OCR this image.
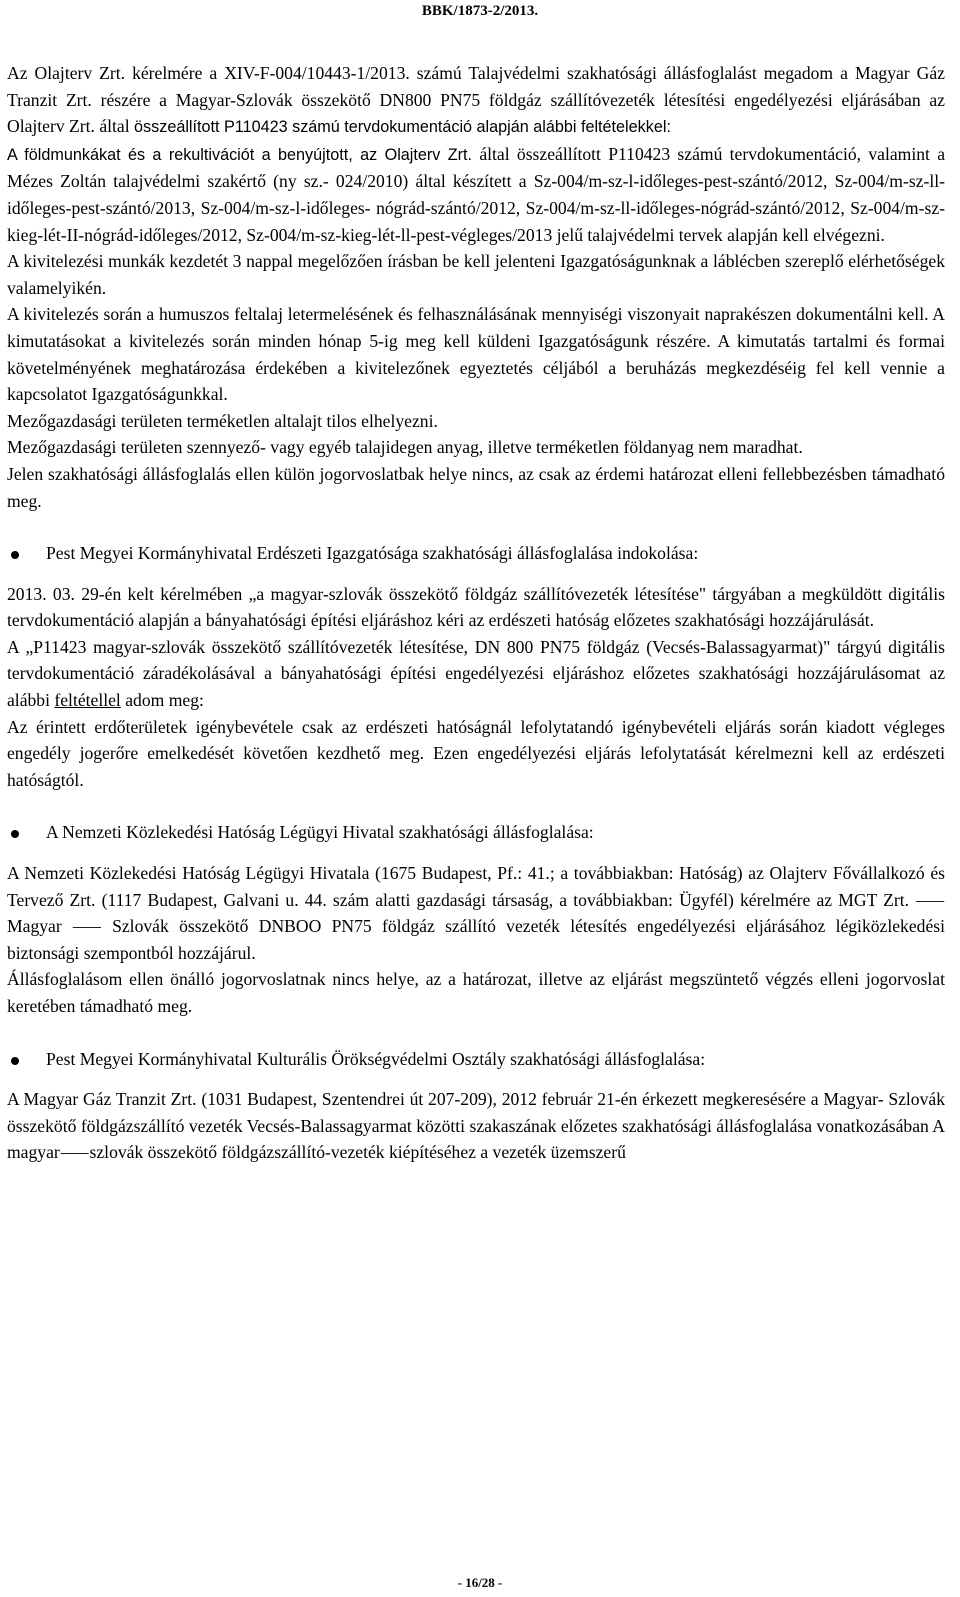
BBK/1873-2/2013.

Az Olajterv Zrt. kérelmére a XIV-F-004/10443-1/2013. számú Talajvédelmi szakhatósági állásfoglalást megadom a Magyar Gáz Tranzit Zrt. részére a Magyar-Szlovák összekötő DN800 PN75 földgáz szállítóvezeték létesítési engedélyezési eljárásában az Olajterv Zrt. által összeállított P110423 számú tervdokumentáció alapján alábbi feltételekkel:

A földmunkákat és a rekultivációt a benyújtott, az Olajterv Zrt. által összeállított P110423 számú tervdokumentáció, valamint a Mézes Zoltán talajvédelmi szakértő (ny sz.- 024/2010) által készített a Sz-004/m-sz-l-időleges-pest-szántó/2012, Sz-004/m-sz-ll-időleges-pest-szántó/2013, Sz-004/m-sz-l-időleges- nógrád-szántó/2012, Sz-004/m-sz-ll-időleges-nógrád-szántó/2012, Sz-004/m-sz-kieg-lét-II-nógrád-időleges/2012, Sz-004/m-sz-kieg-lét-ll-pest-végleges/2013 jelű talajvédelmi tervek alapján kell elvégezni.

A kivitelezési munkák kezdetét 3 nappal megelőzően írásban be kell jelenteni Igazgatóságunknak a láblécben szereplő elérhetőségek valamelyikén.

A kivitelezés során a humuszos feltalaj letermelésének és felhasználásának mennyiségi viszonyait naprakészen dokumentálni kell. A kimutatásokat a kivitelezés során minden hónap 5-ig meg kell küldeni Igazgatóságunk részére. A kimutatás tartalmi és formai követelményének meghatározása érdekében a kivitelezőnek egyeztetés céljából a beruházás megkezdéséig fel kell vennie a kapcsolatot Igazgatóságunkkal.

Mezőgazdasági területen terméketlen altalajt tilos elhelyezni.

Mezőgazdasági területen szennyező- vagy egyéb talajidegen anyag, illetve terméketlen földanyag nem maradhat.

Jelen szakhatósági állásfoglalás ellen külön jogorvoslatbak helye nincs, az csak az érdemi határozat elleni fellebbezésben támadható meg.

Pest Megyei Kormányhivatal Erdészeti Igazgatósága szakhatósági állásfoglalása indokolása:

2013. 03. 29-én kelt kérelmében „a magyar-szlovák összekötő földgáz szállítóvezeték létesítése" tárgyában a megküldött digitális tervdokumentáció alapján a bányahatósági építési eljáráshoz kéri az erdészeti hatóság előzetes szakhatósági hozzájárulását.

A „P11423 magyar-szlovák összekötő szállítóvezeték létesítése, DN 800 PN75 földgáz (Vecsés-Balassagyarmat)" tárgyú digitális tervdokumentáció záradékolásával a bányahatósági építési engedélyezési eljáráshoz előzetes szakhatósági hozzájárulásomat az alábbi feltétellel adom meg:

Az érintett erdőterületek igénybevétele csak az erdészeti hatóságnál lefolytatandó igénybevételi eljárás során kiadott végleges engedély jogerőre emelkedését követően kezdhető meg. Ezen engedélyezési eljárás lefolytatását kérelmezni kell az erdészeti hatóságtól.

A Nemzeti Közlekedési Hatóság Légügyi Hivatal szakhatósági állásfoglalása:

A Nemzeti Közlekedési Hatóság Légügyi Hivatala (1675 Budapest, Pf.: 41.; a továbbiakban: Hatóság) az Olajterv Fővállalkozó és Tervező Zrt. (1117 Budapest, Galvani u. 44. szám alatti gazdasági társaság, a továbbiakban: Ügyfél) kérelmére az MGT Zrt. ⸺ Magyar ⸺ Szlovák összekötő DNBOO PN75 földgáz szállító vezeték létesítés engedélyezési eljárásához légiközlekedési biztonsági szempontból hozzájárul.

Állásfoglalásom ellen önálló jogorvoslatnak nincs helye, az a határozat, illetve az eljárást megszüntető végzés elleni jogorvoslat keretében támadható meg.

Pest Megyei Kormányhivatal Kulturális Örökségvédelmi Osztály szakhatósági állásfoglalása:

A Magyar Gáz Tranzit Zrt. (1031 Budapest, Szentendrei út 207-209), 2012 február 21-én érkezett megkeresésére a Magyar- Szlovák összekötő földgázszállító vezeték Vecsés-Balassagyarmat közötti szakaszának előzetes szakhatósági állásfoglalása vonatkozásában A magyar⸺szlovák összekötő földgázszállító-vezeték kiépítéséhez a vezeték üzemszerű

- 16/28 -
